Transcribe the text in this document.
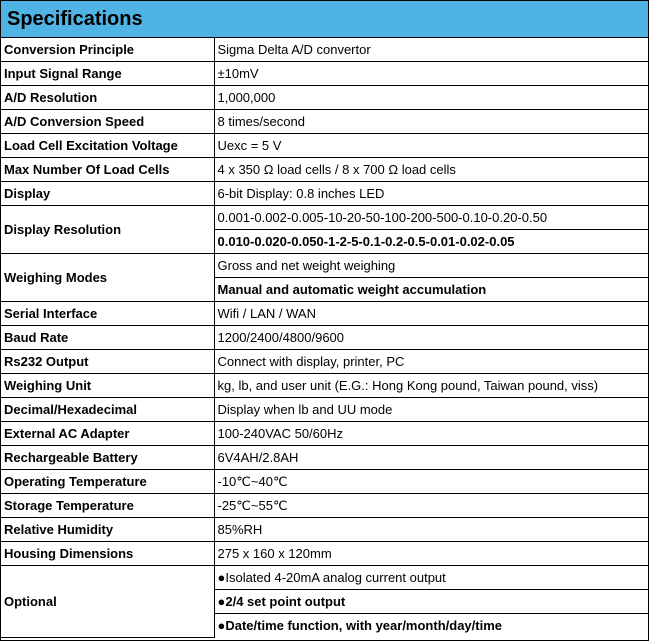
Specifications
Conversion Principle	Sigma Delta A/D convertor
Input Signal Range	±10mV
A/D Resolution	1,000,000
A/D Conversion Speed	8 times/second
Load Cell Excitation Voltage	Uexc = 5 V
Max Number Of Load Cells	4 x 350 Ω load cells / 8 x 700 Ω load cells
Display	6-bit Display: 0.8 inches LED
Display Resolution	0.001-0.002-0.005-10-20-50-100-200-500-0.10-0.20-0.50
	0.010-0.020-0.050-1-2-5-0.1-0.2-0.5-0.01-0.02-0.05
Weighing Modes	Gross and net weight weighing
	Manual and automatic weight accumulation
Serial Interface	Wifi / LAN / WAN
Baud Rate	1200/2400/4800/9600
Rs232 Output	Connect with display, printer, PC
Weighing Unit	kg, lb, and user unit (E.G.: Hong Kong pound, Taiwan pound, viss)
Decimal/Hexadecimal	Display when lb and UU mode
External AC Adapter	100-240VAC 50/60Hz
Rechargeable Battery	6V4AH/2.8AH
Operating Temperature	-10℃~40℃
Storage Temperature	-25℃~55℃
Relative Humidity	85%RH
Housing Dimensions	275 x 160 x 120mm
Optional	●Isolated 4-20mA analog current output
	●2/4 set point output
	●Date/time function, with year/month/day/time
